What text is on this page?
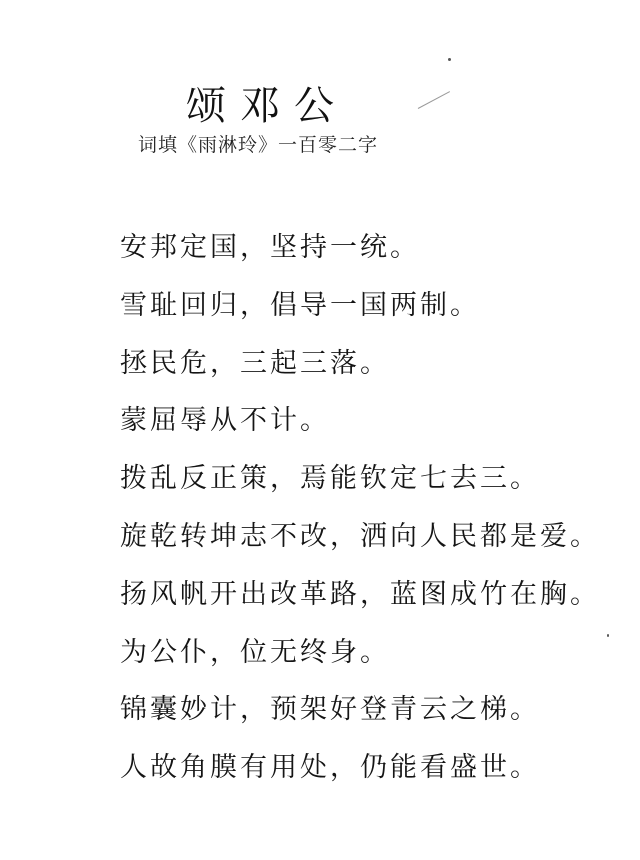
颂邓公
词填《雨淋玲》一百零二字
安邦定国，坚持一统。
雪耻回归，倡导一国两制。
拯民危，三起三落。
蒙屈辱从不计。
拨乱反正策，焉能钦定七去三。
旋乾转坤志不改，洒向人民都是爱。
扬风帆开出改革路，蓝图成竹在胸。
为公仆，位无终身。
锦囊妙计，预架好登青云之梯。
人故角膜有用处，仍能看盛世。
